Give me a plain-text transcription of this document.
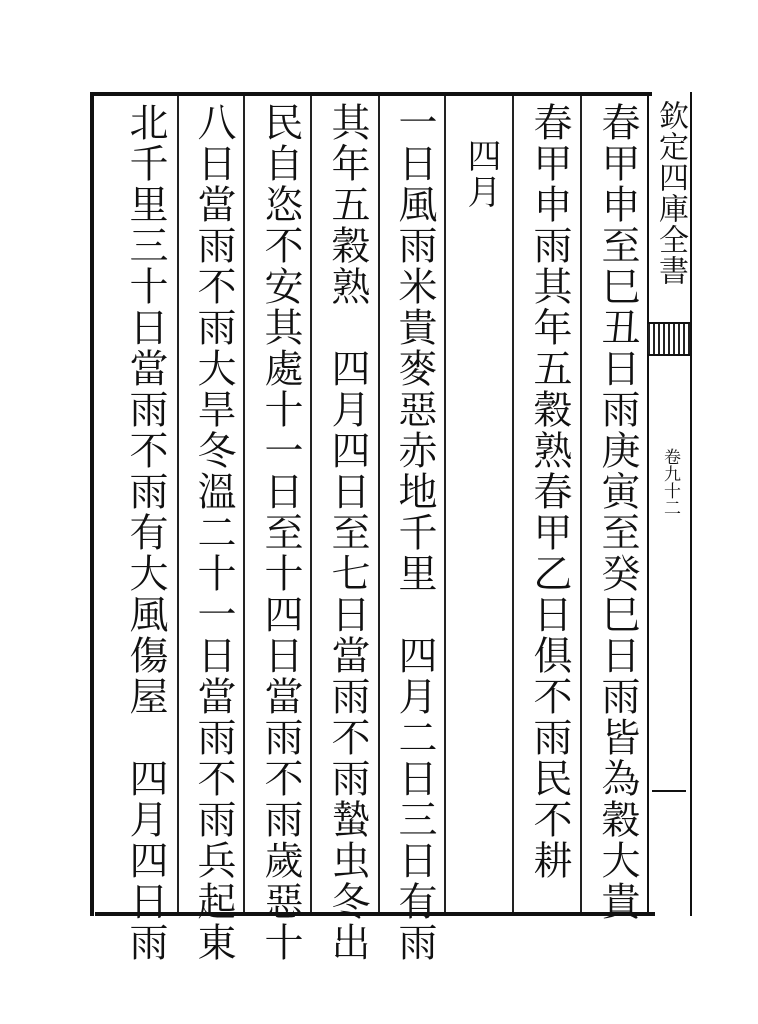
欽定四庫全書
卷九十二
春甲申至巳丑日雨庚寅至癸巳日雨皆為穀大貴
春甲申雨其年五穀熟春甲乙日俱不雨民不耕
　四月
一日風雨米貴麥惡赤地千里　四月二日三日有雨
其年五穀熟　四月四日至七日當雨不雨蟄虫冬出
民自恣不安其處十一日至十四日當雨不雨歲惡十
八日當雨不雨大旱冬溫二十一日當雨不雨兵起東
北千里三十日當雨不雨有大風傷屋　四月四日雨
